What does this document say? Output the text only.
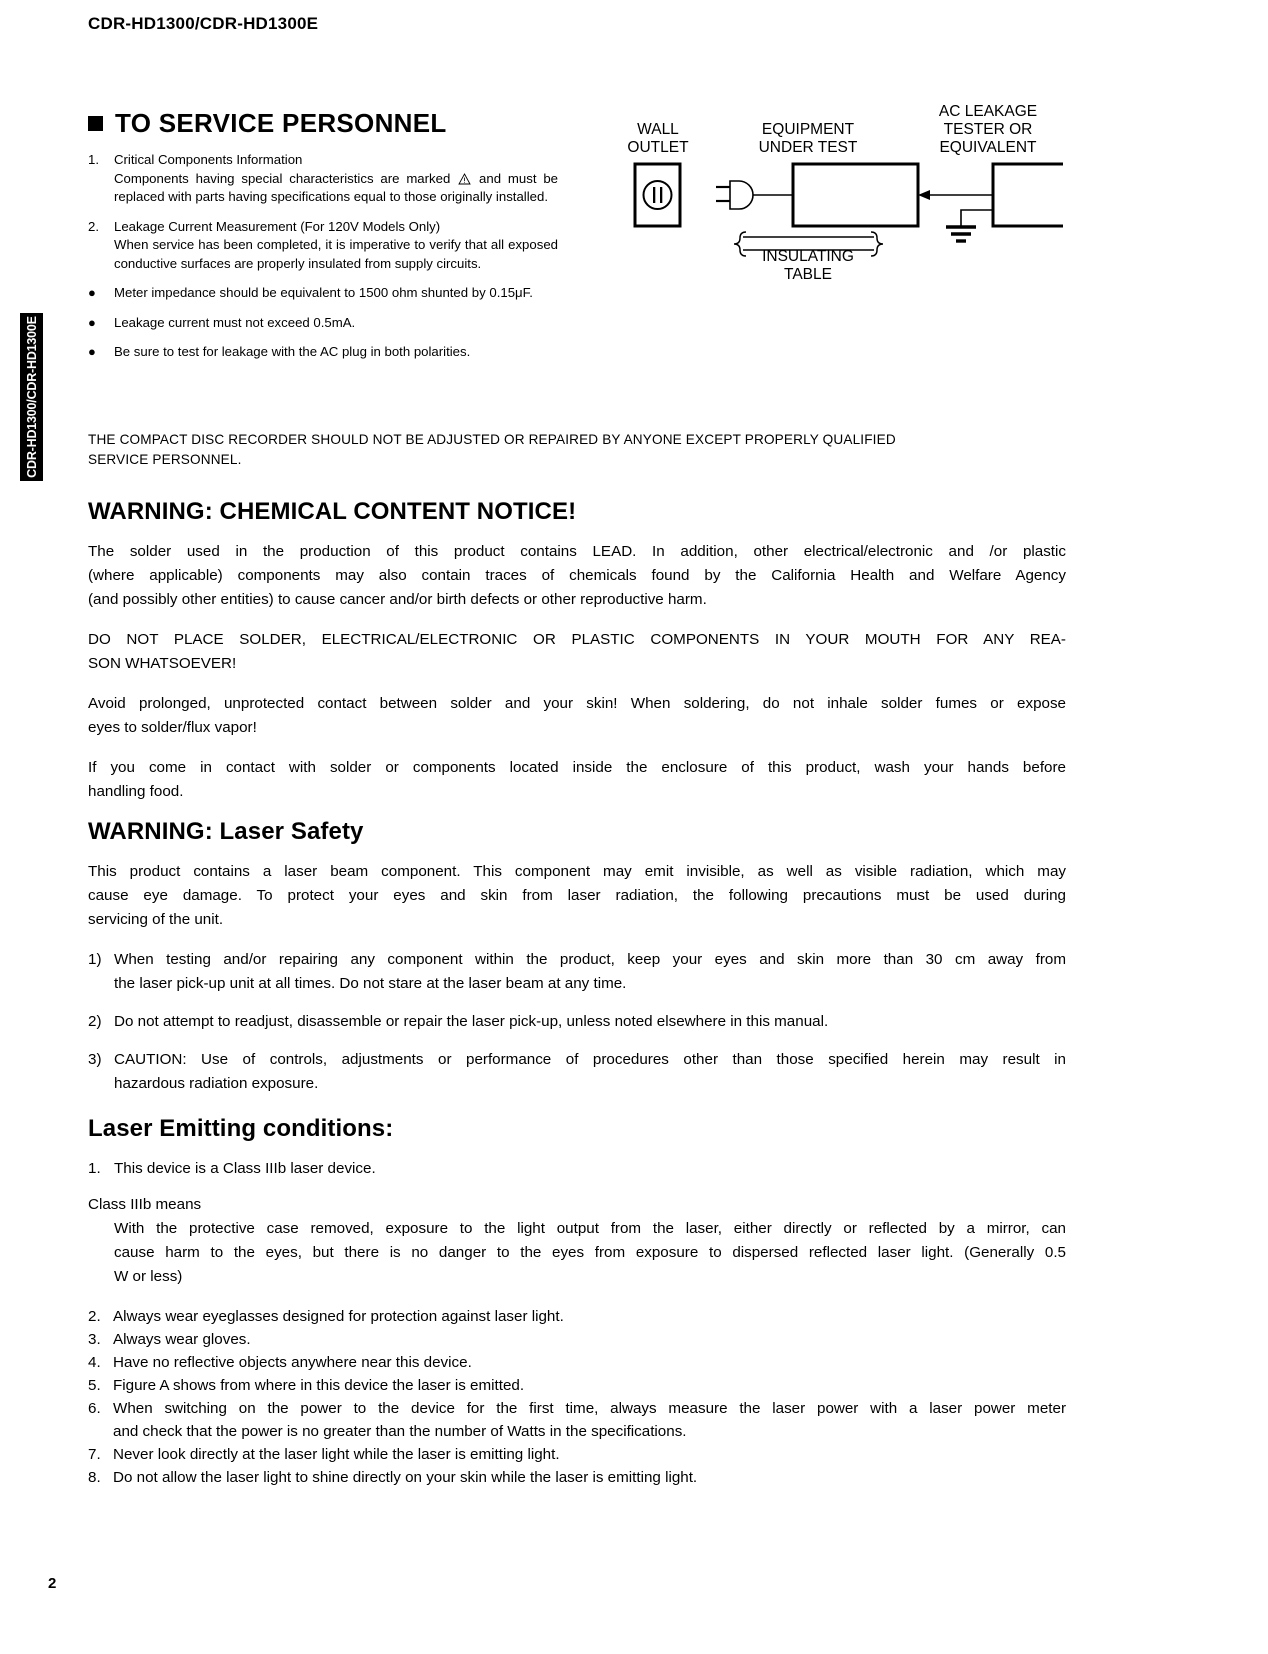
CDR-HD1300/CDR-HD1300E
CDR-HD1300/CDR-HD1300E
TO SERVICE PERSONNEL
1.	Critical Components Information
Components having special characteristics are marked and must be replaced with parts having specifications equal to those originally installed.
2.	Leakage Current Measurement (For 120V Models Only)
When service has been completed, it is imperative to verify that all exposed conductive surfaces are properly insulated from supply circuits.
●	Meter impedance should be equivalent to 1500 ohm shunted by 0.15μF.
●	Leakage current must not exceed 0.5mA.
●	Be sure to test for leakage with the AC plug in both polarities.
WALL
OUTLET
EQUIPMENT
UNDER TEST
AC LEAKAGE
TESTER OR
EQUIVALENT
INSULATING
TABLE
THE COMPACT DISC RECORDER SHOULD NOT BE ADJUSTED OR REPAIRED BY ANYONE EXCEPT PROPERLY QUALIFIED
SERVICE PERSONNEL.
WARNING: CHEMICAL CONTENT NOTICE!

The solder used in the production of this product contains LEAD. In addition, other electrical/electronic and /or plastic
(where applicable) components may also contain traces of chemicals found by the California Health and Welfare Agency
(and possibly other entities) to cause cancer and/or birth defects or other reproductive harm.

DO NOT PLACE SOLDER, ELECTRICAL/ELECTRONIC OR PLASTIC COMPONENTS IN YOUR MOUTH FOR ANY REA-
SON WHATSOEVER!

Avoid prolonged, unprotected contact between solder and your skin! When soldering, do not inhale solder fumes or expose
eyes to solder/flux vapor!

If you come in contact with solder or components located inside the enclosure of this product, wash your hands before
handling food.

WARNING: Laser Safety

This product contains a laser beam component. This component may emit invisible, as well as visible radiation, which may
cause eye damage. To protect your eyes and skin from laser radiation, the following precautions must be used during
servicing of the unit.

1) When testing and/or repairing any component within the product, keep your eyes and skin more than 30 cm away from
the laser pick-up unit at all times. Do not stare at the laser beam at any time.
2) Do not attempt to readjust, disassemble or repair the laser pick-up, unless noted elsewhere in this manual.
3) CAUTION: Use of controls, adjustments or performance of procedures other than those specified herein may result in
hazardous radiation exposure.
Laser Emitting conditions:
1. This device is a Class IIIb laser device.
Class IIIb means
With the protective case removed, exposure to the light output from the laser, either directly or reflected by a mirror, can
cause harm to the eyes, but there is no danger to the eyes from exposure to dispersed reflected laser light. (Generally 0.5
W or less)
2. Always wear eyeglasses designed for protection against laser light.
3. Always wear gloves.
4. Have no reflective objects anywhere near this device.
5. Figure A shows from where in this device the laser is emitted.
6. When switching on the power to the device for the first time, always measure the laser power with a laser power meter
and check that the power is no greater than the number of Watts in the specifications.
7. Never look directly at the laser light while the laser is emitting light.
8. Do not allow the laser light to shine directly on your skin while the laser is emitting light.
2
